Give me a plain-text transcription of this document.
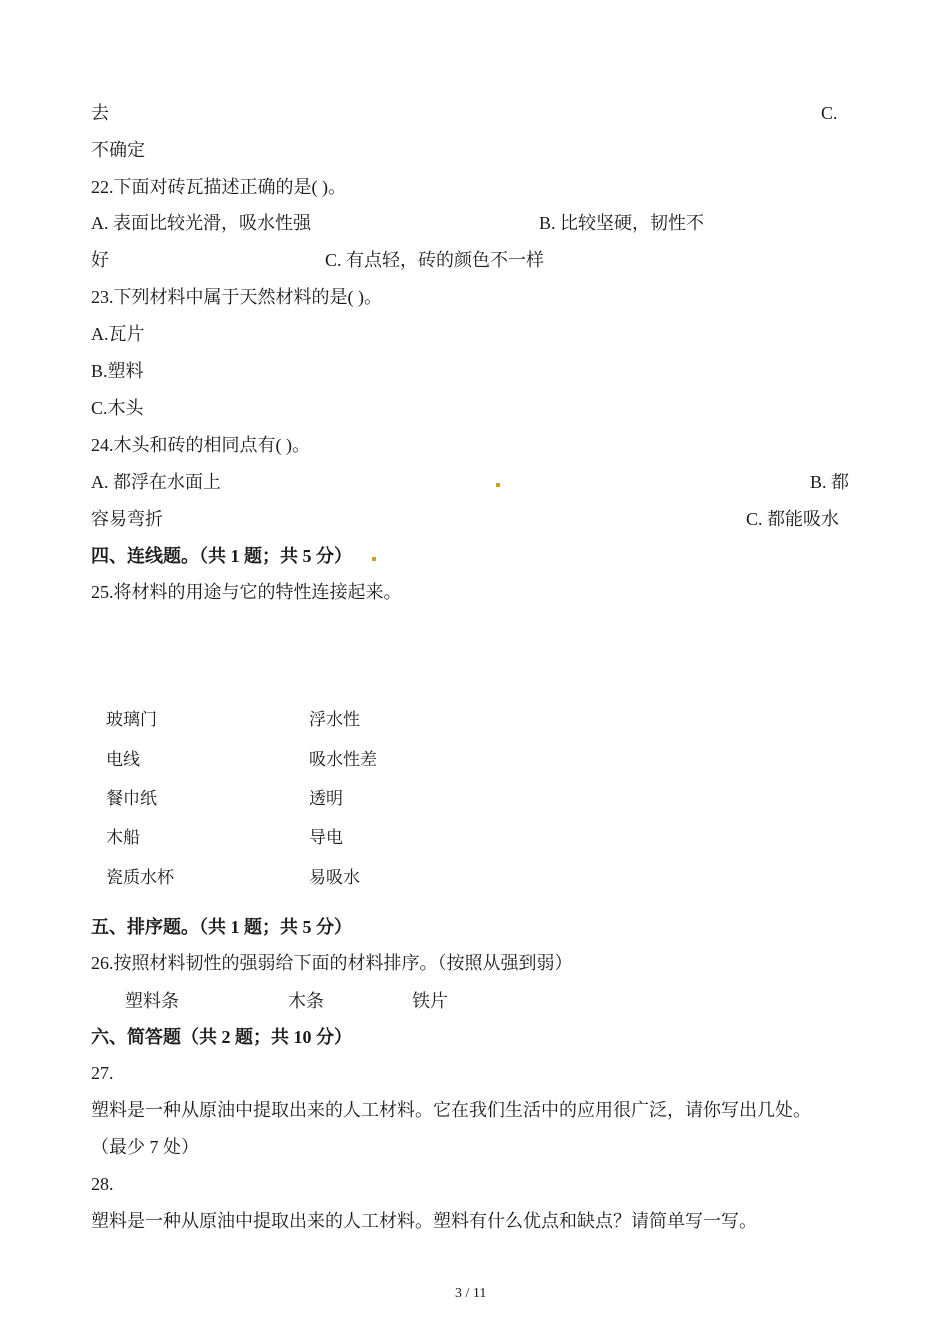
去	C.
不确定
22.下面对砖瓦描述正确的是( )。
A. 表面比较光滑，吸水性强	B. 比较坚硬，韧性不
好	C. 有点轻，砖的颜色不一样
23.下列材料中属于天然材料的是( )。
A.瓦片
B.塑料
C.木头
24.木头和砖的相同点有( )。
A. 都浮在水面上	B. 都
容易弯折	C. 都能吸水
四、连线题。（共 1 题；共 5 分）
25.将材料的用途与它的特性连接起来。
玻璃门	浮水性
电线	吸水性差
餐巾纸	透明
木船	导电
瓷质水杯	易吸水
五、排序题。（共 1 题；共 5 分）
26.按照材料韧性的强弱给下面的材料排序。（按照从强到弱）
塑料条	木条	铁片
六、简答题（共 2 题；共 10 分）
27.
塑料是一种从原油中提取出来的人工材料。它在我们生活中的应用很广泛，请你写出几处。
（最少 7 处）
28.
塑料是一种从原油中提取出来的人工材料。塑料有什么优点和缺点？请简单写一写。
3 / 11
